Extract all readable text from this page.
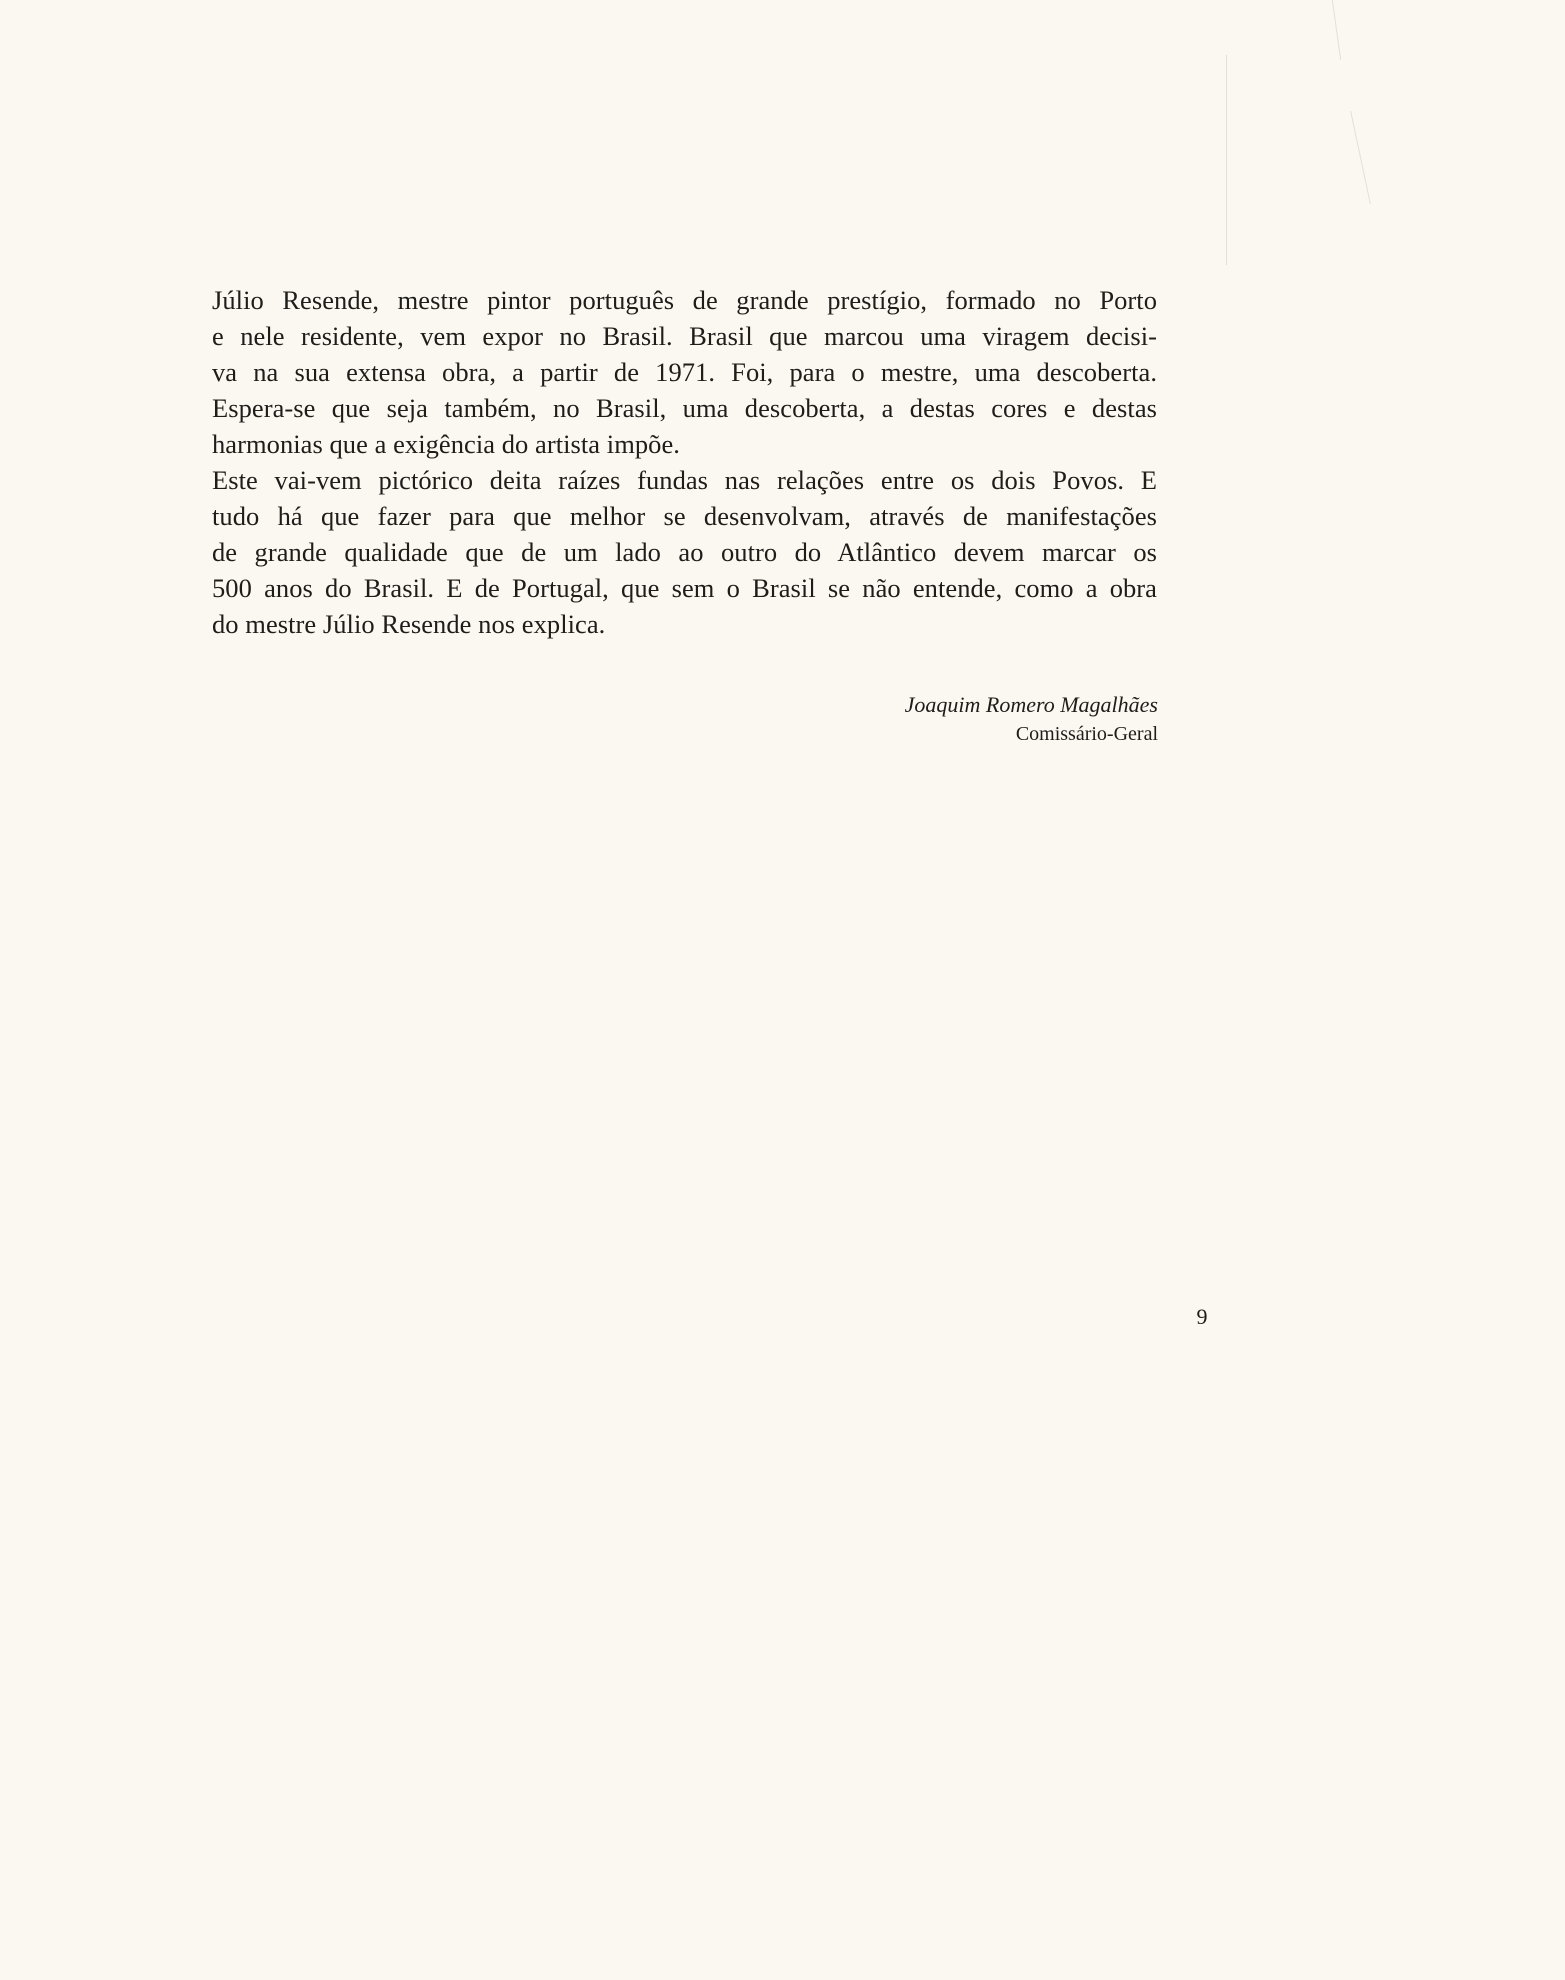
Júlio Resende, mestre pintor português de grande prestígio, formado no Porto
e nele residente, vem expor no Brasil. Brasil que marcou uma viragem decisi-
va na sua extensa obra, a partir de 1971. Foi, para o mestre, uma descoberta.
Espera-se que seja também, no Brasil, uma descoberta, a destas cores e destas
harmonias que a exigência do artista impõe.

Este vai-vem pictórico deita raízes fundas nas relações entre os dois Povos. E
tudo há que fazer para que melhor se desenvolvam, através de manifestações
de grande qualidade que de um lado ao outro do Atlântico devem marcar os
500 anos do Brasil. E de Portugal, que sem o Brasil se não entende, como a obra
do mestre Júlio Resende nos explica.

Joaquim Romero Magalhães
Comissário-Geral
9
